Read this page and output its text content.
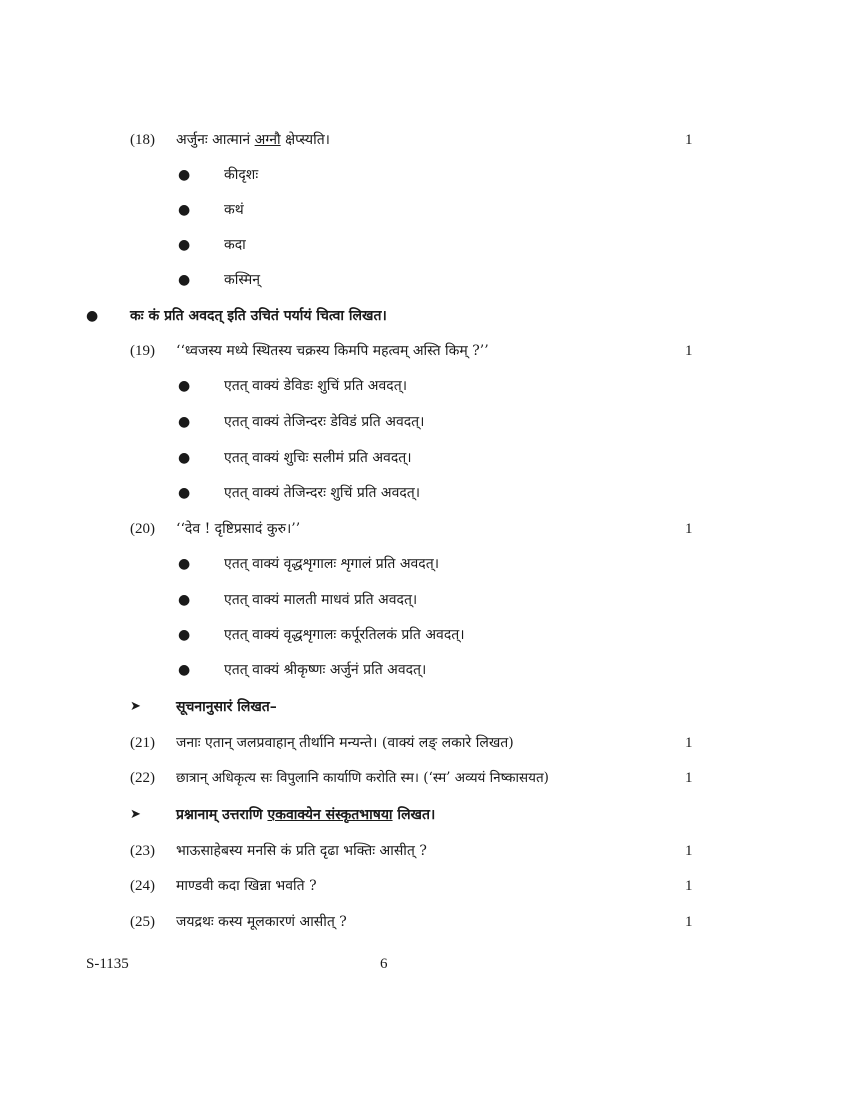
(18) अर्जुनः आत्मानं अग्नौ क्षेप्स्यति।	1
● कीदृशः
● कथं
● कदा
● कस्मिन्
● कः कं प्रति अवदत् इति उचितं पर्यायं चित्वा लिखत।
(19) ‘‘ध्वजस्य मध्ये स्थितस्य चक्रस्य किमपि महत्वम् अस्ति किम् ?’’	1
● एतत् वाक्यं डेविडः शुचिं प्रति अवदत्।
● एतत् वाक्यं तेजिन्दरः डेविडं प्रति अवदत्।
● एतत् वाक्यं शुचिः सलीमं प्रति अवदत्।
● एतत् वाक्यं तेजिन्दरः शुचिं प्रति अवदत्।
(20) ‘‘देव ! दृष्टिप्रसादं कुरु।’’	1
● एतत् वाक्यं वृद्धशृगालः शृगालं प्रति अवदत्।
● एतत् वाक्यं मालती माधवं प्रति अवदत्।
● एतत् वाक्यं वृद्धशृगालः कर्पूरतिलकं प्रति अवदत्।
● एतत् वाक्यं श्रीकृष्णः अर्जुनं प्रति अवदत्।
➤	सूचनानुसारं लिखत–
(21) जनाः एतान् जलप्रवाहान् तीर्थानि मन्यन्ते। (वाक्यं लङ् लकारे लिखत)	1
(22) छात्रान् अधिकृत्य सः विपुलानि कार्याणि करोति स्म। (‘स्म’ अव्ययं निष्कासयत)	1
➤	प्रश्नानाम् उत्तराणि एकवाक्येन संस्कृतभाषया लिखत।
(23) भाऊसाहेबस्य मनसि कं प्रति दृढा भक्तिः आसीत् ?	1
(24) माण्डवी कदा खिन्ना भवति ?	1
(25) जयद्रथः कस्य मूलकारणं आसीत् ?	1
S-1135	6
